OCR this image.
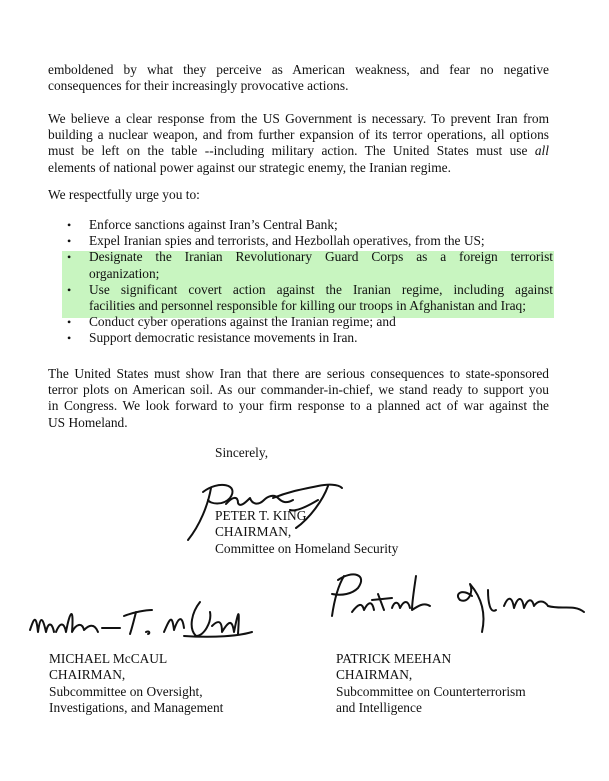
emboldened by what they perceive as American weakness, and fear no negative
consequences for their increasingly provocative actions.
We believe a clear response from the US Government is necessary. To prevent Iran from
building a nuclear weapon, and from further expansion of its terror operations, all options
must be left on the table --including military action. The United States must use all
elements of national power against our strategic enemy, the Iranian regime.
We respectfully urge you to:
• Enforce sanctions against Iran’s Central Bank;
• Expel Iranian spies and terrorists, and Hezbollah operatives, from the US;
• Designate the Iranian Revolutionary Guard Corps as a foreign terrorist
organization;
• Use significant covert action against the Iranian regime, including against
facilities and personnel responsible for killing our troops in Afghanistan and Iraq;
• Conduct cyber operations against the Iranian regime; and
• Support democratic resistance movements in Iran.
The United States must show Iran that there are serious consequences to state-sponsored
terror plots on American soil. As our commander-in-chief, we stand ready to support you
in Congress. We look forward to your firm response to a planned act of war against the
US Homeland.
Sincerely,
PETER T. KING
CHAIRMAN,
Committee on Homeland Security
MICHAEL McCAUL
CHAIRMAN,
Subcommittee on Oversight,
Investigations, and Management
PATRICK MEEHAN
CHAIRMAN,
Subcommittee on Counterterrorism
and Intelligence
